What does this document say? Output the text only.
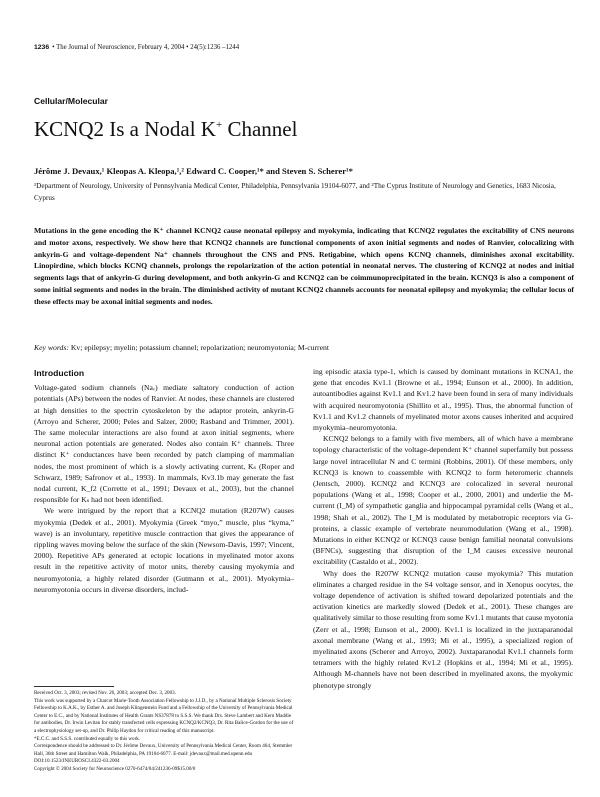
1236 • The Journal of Neuroscience, February 4, 2004 • 24(5):1236 –1244
Cellular/Molecular
KCNQ2 Is a Nodal K+ Channel
Jérôme J. Devaux,¹ Kleopas A. Kleopa,¹,² Edward C. Cooper,¹* and Steven S. Scherer¹*
¹Department of Neurology, University of Pennsylvania Medical Center, Philadelphia, Pennsylvania 19104-6077, and ²The Cyprus Institute of Neurology and Genetics, 1683 Nicosia, Cyprus
Mutations in the gene encoding the K⁺ channel KCNQ2 cause neonatal epilepsy and myokymia, indicating that KCNQ2 regulates the excitability of CNS neurons and motor axons, respectively. We show here that KCNQ2 channels are functional components of axon initial segments and nodes of Ranvier, colocalizing with ankyrin-G and voltage-dependent Na⁺ channels throughout the CNS and PNS. Retigabine, which opens KCNQ channels, diminishes axonal excitability. Linopirdine, which blocks KCNQ channels, prolongs the repolarization of the action potential in neonatal nerves. The clustering of KCNQ2 at nodes and initial segments lags that of ankyrin-G during development, and both ankyrin-G and KCNQ2 can be coimmunoprecipitated in the brain. KCNQ3 is also a component of some initial segments and nodes in the brain. The diminished activity of mutant KCNQ2 channels accounts for neonatal epilepsy and myokymia; the cellular locus of these effects may be axonal initial segments and nodes.
Key words: Kv; epilepsy; myelin; potassium channel; repolarization; neuromyotonia; M-current
Introduction

Voltage-gated sodium channels (Naᵥ) mediate saltatory conduction of action potentials (APs) between the nodes of Ranvier. At nodes, these channels are clustered at high densities to the spectrin cytoskeleton by the adaptor protein, ankyrin-G (Arroyo and Scherer, 2000; Peles and Salzer, 2000; Rasband and Trimmer, 2001). The same molecular interactions are also found at axon initial segments, where neuronal action potentials are generated. Nodes also contain K⁺ channels. Three distinct K⁺ conductances have been recorded by patch clamping of mammalian nodes, the most prominent of which is a slowly activating current, Kₛ (Roper and Schwarz, 1989; Safronov et al., 1993). In mammals, Kv3.1b may generate the fast nodal current, K_f2 (Corrette et al., 1991; Devaux et al., 2003), but the channel responsible for Kₛ had not been identified.

We were intrigued by the report that a KCNQ2 mutation (R207W) causes myokymia (Dedek et al., 2001). Myokymia (Greek “myo,” muscle, plus “kyma,” wave) is an involuntary, repetitive muscle contraction that gives the appearance of rippling waves moving below the surface of the skin (Newsom-Davis, 1997; Vincent, 2000). Repetitive APs generated at ectopic locations in myelinated motor axons result in the repetitive activity of motor units, thereby causing myokymia and neuromyotonia, a highly related disorder (Gutmann et al., 2001). Myokymia–neuromyotonia occurs in diverse disorders, includ-

ing episodic ataxia type-1, which is caused by dominant mutations in KCNA1, the gene that encodes Kv1.1 (Browne et al., 1994; Eunson et al., 2000). In addition, autoantibodies against Kv1.1 and Kv1.2 have been found in sera of many individuals with acquired neuromyotonia (Shillito et al., 1995). Thus, the abnormal function of Kv1.1 and Kv1.2 channels of myelinated motor axons causes inherited and acquired myokymia–neuromyotonia.

KCNQ2 belongs to a family with five members, all of which have a membrane topology characteristic of the voltage-dependent K⁺ channel superfamily but possess large novel intracellular N and C termini (Robbins, 2001). Of these members, only KCNQ3 is known to coassemble with KCNQ2 to form heteromeric channels (Jentsch, 2000). KCNQ2 and KCNQ3 are colocalized in several neuronal populations (Wang et al., 1998; Cooper et al., 2000, 2001) and underlie the M-current (I_M) of sympathetic ganglia and hippocampal pyramidal cells (Wang et al., 1998; Shah et al., 2002). The I_M is modulated by metabotropic receptors via G-proteins, a classic example of vertebrate neuromodulation (Wang et al., 1998). Mutations in either KCNQ2 or KCNQ3 cause benign familial neonatal convulsions (BFNCs), suggesting that disruption of the I_M causes excessive neuronal excitability (Castaldo et al., 2002).

Why does the R207W KCNQ2 mutation cause myokymia? This mutation eliminates a charged residue in the S4 voltage sensor, and in Xenopus oocytes, the voltage dependence of activation is shifted toward depolarized potentials and the activation kinetics are markedly slowed (Dedek et al., 2001). These changes are qualitatively similar to those resulting from some Kv1.1 mutants that cause myotonia (Zerr et al., 1998; Eunson et al., 2000). Kv1.1 is localized in the juxtaparanodal axonal membrane (Wang et al., 1993; Mi et al., 1995), a specialized region of myelinated axons (Scherer and Arroyo, 2002). Juxtaparanodal Kv1.1 channels form tetramers with the highly related Kv1.2 (Hopkins et al., 1994; Mi et al., 1995). Although M-channels have not been described in myelinated axons, the myokymic phenotype strongly

Received Oct. 3, 2003; revised Nov. 26, 2003; accepted Dec. 3, 2003.
This work was supported by a Charcot Marie-Tooth Association Fellowship to J.J.D., by a National Multiple Sclerosis Society Fellowship to K.A.K., by Esther A. and Joseph Klingenstein Fund and a Fellowship of the University of Pennsylvania Medical Center to E.C., and by National Institutes of Health Grants NS37878 to S.S.S. We thank Drs. Steve Lambert and Kern Maddie for antibodies, Dr. Irwin Levitan for stably transfected cells expressing KCNQ2/KCNQ3, Dr. Rita Balice-Gordon for the use of a electrophysiology set-up, and Dr. Philip Haydon for critical reading of this manuscript.
*E.C.C. and S.S.S. contributed equally to this work.
Correspondence should be addressed to Dr. Jérôme Devaux, University of Pennsylvania Medical Center, Room 464, Stemmler Hall, 36th Street and Hamilton Walk, Philadelphia, PA 19104-6077. E-mail: jdevaux@mail.med.upenn.edu
DOI:10.1523/JNEUROSCI.4322-03.2004
Copyright © 2004 Society for Neuroscience 0270-6474/04/241236-09$15.00/0
